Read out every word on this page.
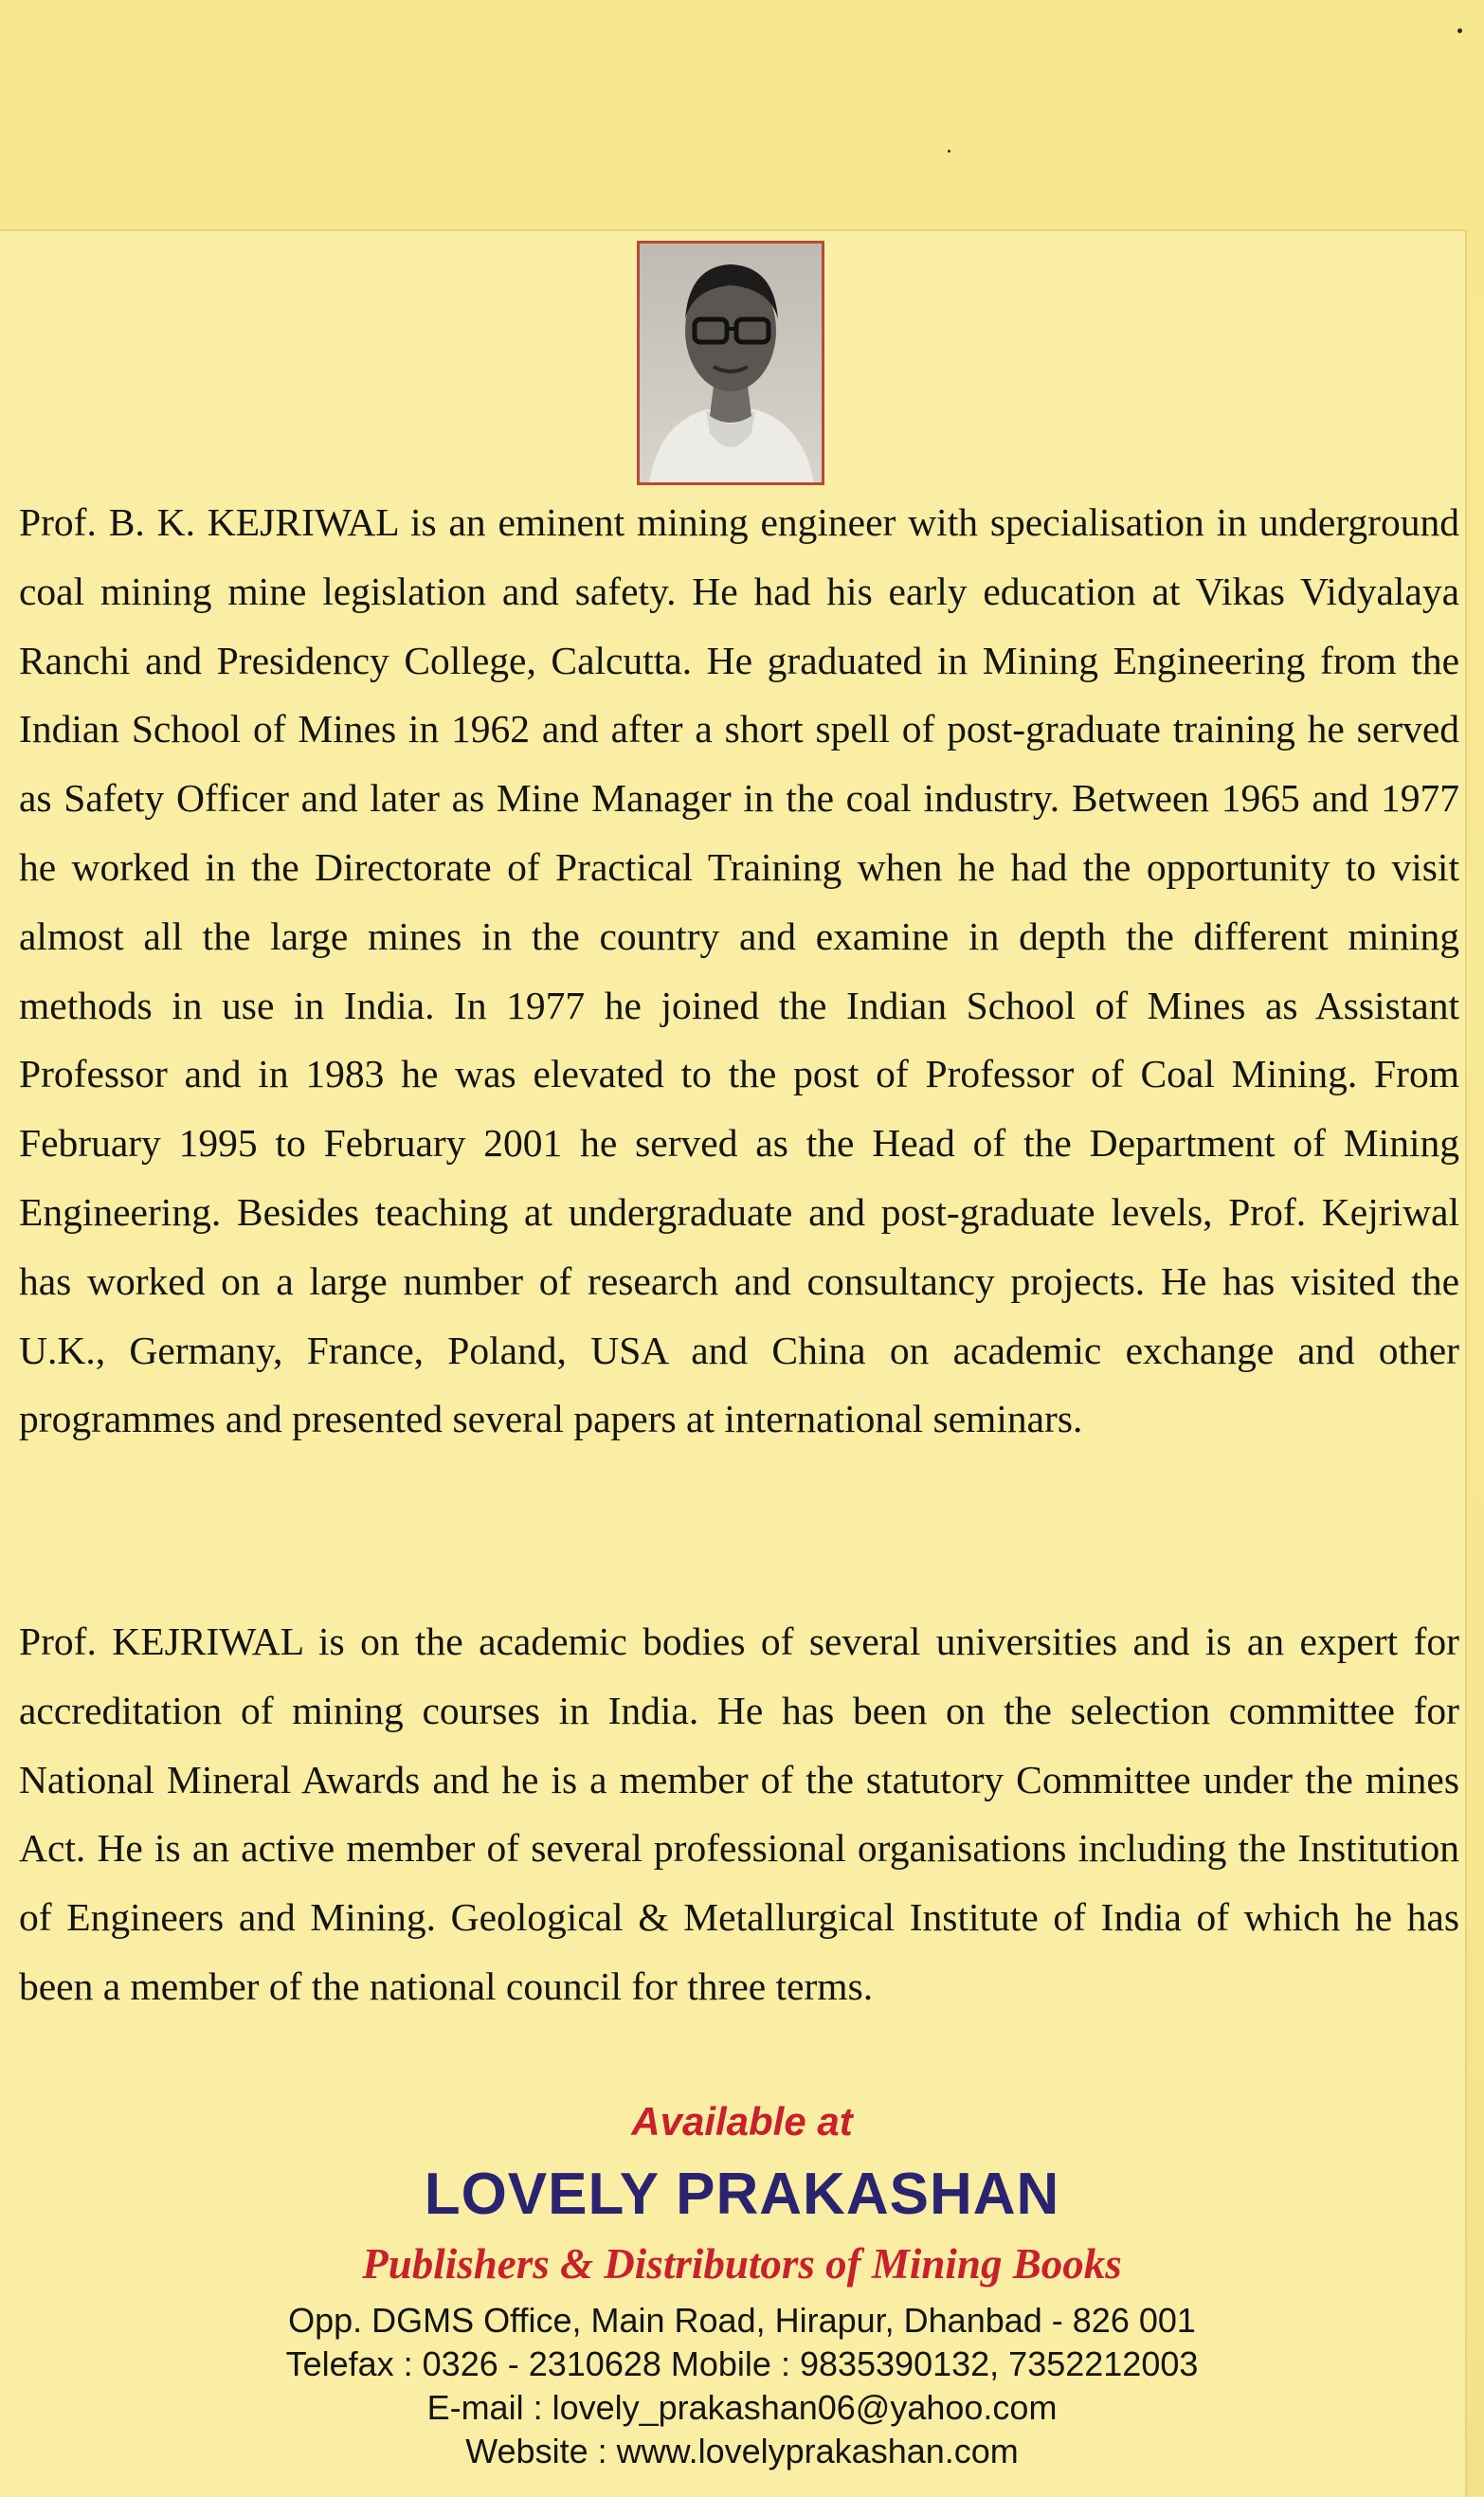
Prof. B. K. KEJRIWAL is an eminent mining engineer with specialisation in underground coal mining mine legislation and safety. He had his early education at Vikas Vidyalaya Ranchi and Presidency College, Calcutta. He graduated in Mining Engineering from the Indian School of Mines in 1962 and after a short spell of post-graduate training he served as Safety Officer and later as Mine Manager in the coal industry. Between 1965 and 1977 he worked in the Directorate of Practical Training when he had the opportunity to visit almost all the large mines in the country and examine in depth the different mining methods in use in India. In 1977 he joined the Indian School of Mines as Assistant Professor and in 1983 he was elevated to the post of Professor of Coal Mining. From February 1995 to February 2001 he served as the Head of the Department of Mining Engineering. Besides teaching at undergraduate and post-graduate levels, Prof. Kejriwal has worked on a large number of research and consultancy projects. He has visited the U.K., Germany, France, Poland, USA and China on academic exchange and other programmes and presented several papers at international seminars.

Prof. KEJRIWAL is on the academic bodies of several universities and is an expert for accreditation of mining courses in India. He has been on the selection committee for National Mineral Awards and he is a member of the statutory Committee under the mines Act. He is an active member of several professional organisations including the Institution of Engineers and Mining. Geological & Metallurgical Institute of India of which he has been a member of the national council for three terms.

Available at
LOVELY PRAKASHAN
Publishers & Distributors of Mining Books
Opp. DGMS Office, Main Road, Hirapur, Dhanbad - 826 001
Telefax : 0326 - 2310628 Mobile : 9835390132, 7352212003
E-mail : lovely_prakashan06@yahoo.com
Website : www.lovelyprakashan.com
